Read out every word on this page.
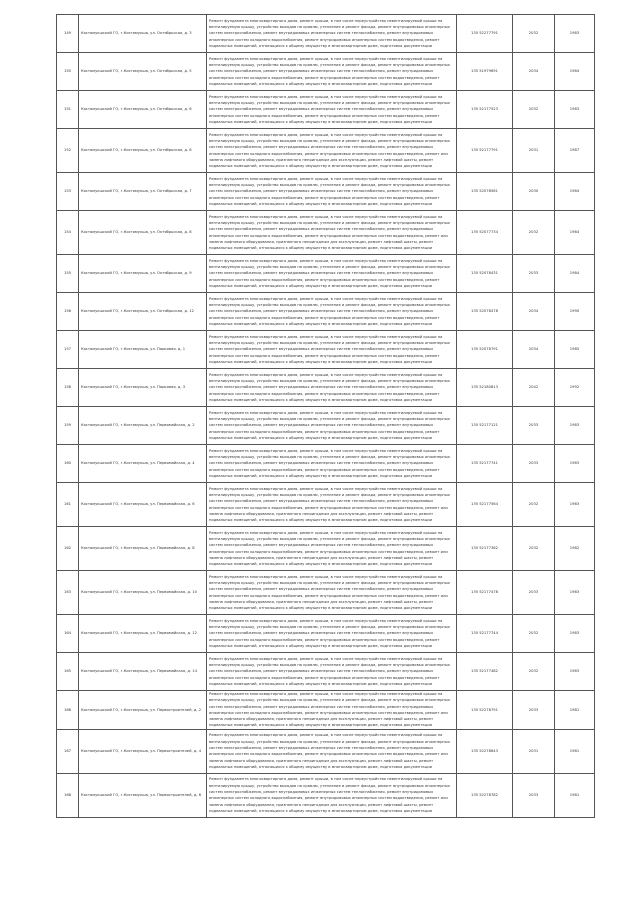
149	Костомукшский ГО, г.Костомукша, ул. Октябрьская, д. 3	Ремонт фундамента многоквартирного дома, ремонт крыши, в том числе переустройство невентилируемой крыши на вентилируемую крышу, устройство выходов на кровлю, утепление и ремонт фасада, ремонт внутридомовых инженерных систем электроснабжения, ремонт внутридомовых инженерных систем теплоснабжения, ремонт внутридомовых инженерных систем холодного водоснабжения, ремонт внутридомовых инженерных систем водоотведения, ремонт подвальных помещений, относящихся к общему имуществу в многоквартирном доме, подготовка документации	135 52277791	2032	1983
150	Костомукшский ГО, г.Костомукша, ул. Октябрьская, д. 5	Ремонт фундамента многоквартирного дома, ремонт крыши, в том числе переустройство невентилируемой крыши на вентилируемую крышу, устройство выходов на кровлю, утепление и ремонт фасада, ремонт внутридомовых инженерных систем электроснабжения, ремонт внутридомовых инженерных систем теплоснабжения, ремонт внутридомовых инженерных систем холодного водоснабжения, ремонт внутридомовых инженерных систем водоотведения, ремонт подвальных помещений, относящихся к общему имуществу в многоквартирном доме, подготовка документации	135 51979691	2034	1984
151	Костомукшский ГО, г.Костомукша, ул. Октябрьская, д. 6	Ремонт фундамента многоквартирного дома, ремонт крыши, в том числе переустройство невентилируемой крыши на вентилируемую крышу, устройство выходов на кровлю, утепление и ремонт фасада, ремонт внутридомовых инженерных систем электроснабжения, ремонт внутридомовых инженерных систем теплоснабжения, ремонт внутридомовых инженерных систем холодного водоснабжения, ремонт внутридомовых инженерных систем водоотведения, ремонт подвальных помещений, относящихся к общему имуществу в многоквартирном доме, подготовка документации	135 52177523	2032	1983
152	Костомукшский ГО, г.Костомукша, ул. Октябрьская, д. 6	Ремонт фундамента многоквартирного дома, ремонт крыши, в том числе переустройство невентилируемой крыши на вентилируемую крышу, устройство выходов на кровлю, утепление и ремонт фасада, ремонт внутридомовых инженерных систем электроснабжения, ремонт внутридомовых инженерных систем теплоснабжения, ремонт внутридомовых инженерных систем холодного водоснабжения, ремонт внутридомовых инженерных систем водоотведения, ремонт или замена лифтового оборудования, признанного непригодным для эксплуатации, ремонт лифтовой шахты, ремонт подвальных помещений, относящихся к общему имуществу в многоквартирном доме, подготовка документации	135 52177791	2031	1987
153	Костомукшский ГО, г.Костомукша, ул. Октябрьская, д. 7	Ремонт фундамента многоквартирного дома, ремонт крыши, в том числе переустройство невентилируемой крыши на вентилируемую крышу, устройство выходов на кровлю, утепление и ремонт фасада, ремонт внутридомовых инженерных систем электроснабжения, ремонт внутридомовых инженерных систем теплоснабжения, ремонт внутридомовых инженерных систем холодного водоснабжения, ремонт внутридомовых инженерных систем водоотведения, ремонт подвальных помещений, относящихся к общему имуществу в многоквартирном доме, подготовка документации	135 52078561	2030	1984
154	Костомукшский ГО, г.Костомукша, ул. Октябрьская, д. 8	Ремонт фундамента многоквартирного дома, ремонт крыши, в том числе переустройство невентилируемой крыши на вентилируемую крышу, устройство выходов на кровлю, утепление и ремонт фасада, ремонт внутридомовых инженерных систем электроснабжения, ремонт внутридомовых инженерных систем теплоснабжения, ремонт внутридомовых инженерных систем холодного водоснабжения, ремонт внутридомовых инженерных систем водоотведения, ремонт или замена лифтового оборудования, признанного непригодным для эксплуатации, ремонт лифтовой шахты, ремонт подвальных помещений, относящихся к общему имуществу в многоквартирном доме, подготовка документации	135 52077734	2032	1984
155	Костомукшский ГО, г.Костомукша, ул. Октябрьская, д. 9	Ремонт фундамента многоквартирного дома, ремонт крыши, в том числе переустройство невентилируемой крыши на вентилируемую крышу, устройство выходов на кровлю, утепление и ремонт фасада, ремонт внутридомовых инженерных систем электроснабжения, ремонт внутридомовых инженерных систем теплоснабжения, ремонт внутридомовых инженерных систем холодного водоснабжения, ремонт внутридомовых инженерных систем водоотведения, ремонт подвальных помещений, относящихся к общему имуществу в многоквартирном доме, подготовка документации	135 52078431	2033	1984
156	Костомукшский ГО, г.Костомукша, ул. Октябрьская, д. 12	Ремонт фундамента многоквартирного дома, ремонт крыши, в том числе переустройство невентилируемой крыши на вентилируемую крышу, устройство выходов на кровлю, утепление и ремонт фасада, ремонт внутридомовых инженерных систем электроснабжения, ремонт внутридомовых инженерных систем теплоснабжения, ремонт внутридомовых инженерных систем холодного водоснабжения, ремонт внутридомовых инженерных систем водоотведения, ремонт подвальных помещений, относящихся к общему имуществу в многоквартирном доме, подготовка документации	135 52078478	2034	1990
157	Костомукшский ГО, г.Костомукша, ул. Парковая, д. 1	Ремонт фундамента многоквартирного дома, ремонт крыши, в том числе переустройство невентилируемой крыши на вентилируемую крышу, устройство выходов на кровлю, утепление и ремонт фасада, ремонт внутридомовых инженерных систем электроснабжения, ремонт внутридомовых инженерных систем теплоснабжения, ремонт внутридомовых инженерных систем холодного водоснабжения, ремонт внутридомовых инженерных систем водоотведения, ремонт подвальных помещений, относящихся к общему имуществу в многоквартирном доме, подготовка документации	135 52078791	2034	1985
158	Костомукшский ГО, г.Костомукша, ул. Парковая, д. 3	Ремонт фундамента многоквартирного дома, ремонт крыши, в том числе переустройство невентилируемой крыши на вентилируемую крышу, устройство выходов на кровлю, утепление и ремонт фасада, ремонт внутридомовых инженерных систем электроснабжения, ремонт внутридомовых инженерных систем теплоснабжения, ремонт внутридомовых инженерных систем холодного водоснабжения, ремонт внутридомовых инженерных систем водоотведения, ремонт подвальных помещений, относящихся к общему имуществу в многоквартирном доме, подготовка документации	135 52180813	2042	1992
159	Костомукшский ГО, г.Костомукша, ул. Первомайская, д. 2	Ремонт фундамента многоквартирного дома, ремонт крыши, в том числе переустройство невентилируемой крыши на вентилируемую крышу, устройство выходов на кровлю, утепление и ремонт фасада, ремонт внутридомовых инженерных систем электроснабжения, ремонт внутридомовых инженерных систем теплоснабжения, ремонт внутридомовых инженерных систем холодного водоснабжения, ремонт внутридомовых инженерных систем водоотведения, ремонт подвальных помещений, относящихся к общему имуществу в многоквартирном доме, подготовка документации	135 52177121	2033	1983
160	Костомукшский ГО, г.Костомукша, ул. Первомайская, д. 4	Ремонт фундамента многоквартирного дома, ремонт крыши, в том числе переустройство невентилируемой крыши на вентилируемую крышу, устройство выходов на кровлю, утепление и ремонт фасада, ремонт внутридомовых инженерных систем электроснабжения, ремонт внутридомовых инженерных систем теплоснабжения, ремонт внутридомовых инженерных систем холодного водоснабжения, ремонт внутридомовых инженерных систем водоотведения, ремонт подвальных помещений, относящихся к общему имуществу в многоквартирном доме, подготовка документации	135 52177741	2033	1983
161	Костомукшский ГО, г.Костомукша, ул. Первомайская, д. 6	Ремонт фундамента многоквартирного дома, ремонт крыши, в том числе переустройство невентилируемой крыши на вентилируемую крышу, устройство выходов на кровлю, утепление и ремонт фасада, ремонт внутридомовых инженерных систем электроснабжения, ремонт внутридомовых инженерных систем теплоснабжения, ремонт внутридомовых инженерных систем холодного водоснабжения, ремонт внутридомовых инженерных систем водоотведения, ремонт или замена лифтового оборудования, признанного непригодным для эксплуатации, ремонт лифтовой шахты, ремонт подвальных помещений, относящихся к общему имуществу в многоквартирном доме, подготовка документации	135 52177564	2032	1983
162	Костомукшский ГО, г.Костомукша, ул. Первомайская, д. 8	Ремонт фундамента многоквартирного дома, ремонт крыши, в том числе переустройство невентилируемой крыши на вентилируемую крышу, устройство выходов на кровлю, утепление и ремонт фасада, ремонт внутридомовых инженерных систем электроснабжения, ремонт внутридомовых инженерных систем теплоснабжения, ремонт внутридомовых инженерных систем холодного водоснабжения, ремонт внутридомовых инженерных систем водоотведения, ремонт или замена лифтового оборудования, признанного непригодным для эксплуатации, ремонт лифтовой шахты, ремонт подвальных помещений, относящихся к общему имуществу в многоквартирном доме, подготовка документации	135 52177362	2032	1982
163	Костомукшский ГО, г.Костомукша, ул. Первомайская, д. 10	Ремонт фундамента многоквартирного дома, ремонт крыши, в том числе переустройство невентилируемой крыши на вентилируемую крышу, устройство выходов на кровлю, утепление и ремонт фасада, ремонт внутридомовых инженерных систем электроснабжения, ремонт внутридомовых инженерных систем теплоснабжения, ремонт внутридомовых инженерных систем холодного водоснабжения, ремонт внутридомовых инженерных систем водоотведения, ремонт или замена лифтового оборудования, признанного непригодным для эксплуатации, ремонт лифтовой шахты, ремонт подвальных помещений, относящихся к общему имуществу в многоквартирном доме, подготовка документации	135 52177478	2033	1983
164	Костомукшский ГО, г.Костомукша, ул. Первомайская, д. 12	Ремонт фундамента многоквартирного дома, ремонт крыши, в том числе переустройство невентилируемой крыши на вентилируемую крышу, устройство выходов на кровлю, утепление и ремонт фасада, ремонт внутридомовых инженерных систем электроснабжения, ремонт внутридомовых инженерных систем теплоснабжения, ремонт внутридомовых инженерных систем холодного водоснабжения, ремонт внутридомовых инженерных систем водоотведения, ремонт подвальных помещений, относящихся к общему имуществу в многоквартирном доме, подготовка документации	135 52177744	2032	1983
165	Костомукшский ГО, г.Костомукша, ул. Первомайская, д. 14	Ремонт фундамента многоквартирного дома, ремонт крыши, в том числе переустройство невентилируемой крыши на вентилируемую крышу, устройство выходов на кровлю, утепление и ремонт фасада, ремонт внутридомовых инженерных систем электроснабжения, ремонт внутридомовых инженерных систем теплоснабжения, ремонт внутридомовых инженерных систем холодного водоснабжения, ремонт внутридомовых инженерных систем водоотведения, ремонт подвальных помещений, относящихся к общему имуществу в многоквартирном доме, подготовка документации	135 52177482	2032	1983
166	Костомукшский ГО, г.Костомукша, ул. Первостроителей, д. 2	Ремонт фундамента многоквартирного дома, ремонт крыши, в том числе переустройство невентилируемой крыши на вентилируемую крышу, устройство выходов на кровлю, утепление и ремонт фасада, ремонт внутридомовых инженерных систем электроснабжения, ремонт внутридомовых инженерных систем теплоснабжения, ремонт внутридомовых инженерных систем холодного водоснабжения, ремонт внутридомовых инженерных систем водоотведения, ремонт или замена лифтового оборудования, признанного непригодным для эксплуатации, ремонт лифтовой шахты, ремонт подвальных помещений, относящихся к общему имуществу в многоквартирном доме, подготовка документации	135 52278791	2033	1981
167	Костомукшский ГО, г.Костомукша, ул. Первостроителей, д. 4	Ремонт фундамента многоквартирного дома, ремонт крыши, в том числе переустройство невентилируемой крыши на вентилируемую крышу, устройство выходов на кровлю, утепление и ремонт фасада, ремонт внутридомовых инженерных систем электроснабжения, ремонт внутридомовых инженерных систем теплоснабжения, ремонт внутридомовых инженерных систем холодного водоснабжения, ремонт внутридомовых инженерных систем водоотведения, ремонт или замена лифтового оборудования, признанного непригодным для эксплуатации, ремонт лифтовой шахты, ремонт подвальных помещений, относящихся к общему имуществу в многоквартирном доме, подготовка документации	135 52278643	2031	1981
168	Костомукшский ГО, г.Костомукша, ул. Первостроителей, д. 6	Ремонт фундамента многоквартирного дома, ремонт крыши, в том числе переустройство невентилируемой крыши на вентилируемую крышу, устройство выходов на кровлю, утепление и ремонт фасада, ремонт внутридомовых инженерных систем электроснабжения, ремонт внутридомовых инженерных систем теплоснабжения, ремонт внутридомовых инженерных систем холодного водоснабжения, ремонт внутридомовых инженерных систем водоотведения, ремонт или замена лифтового оборудования, признанного непригодным для эксплуатации, ремонт лифтовой шахты, ремонт подвальных помещений, относящихся к общему имуществу в многоквартирном доме, подготовка документации	135 52278782	2033	1981
